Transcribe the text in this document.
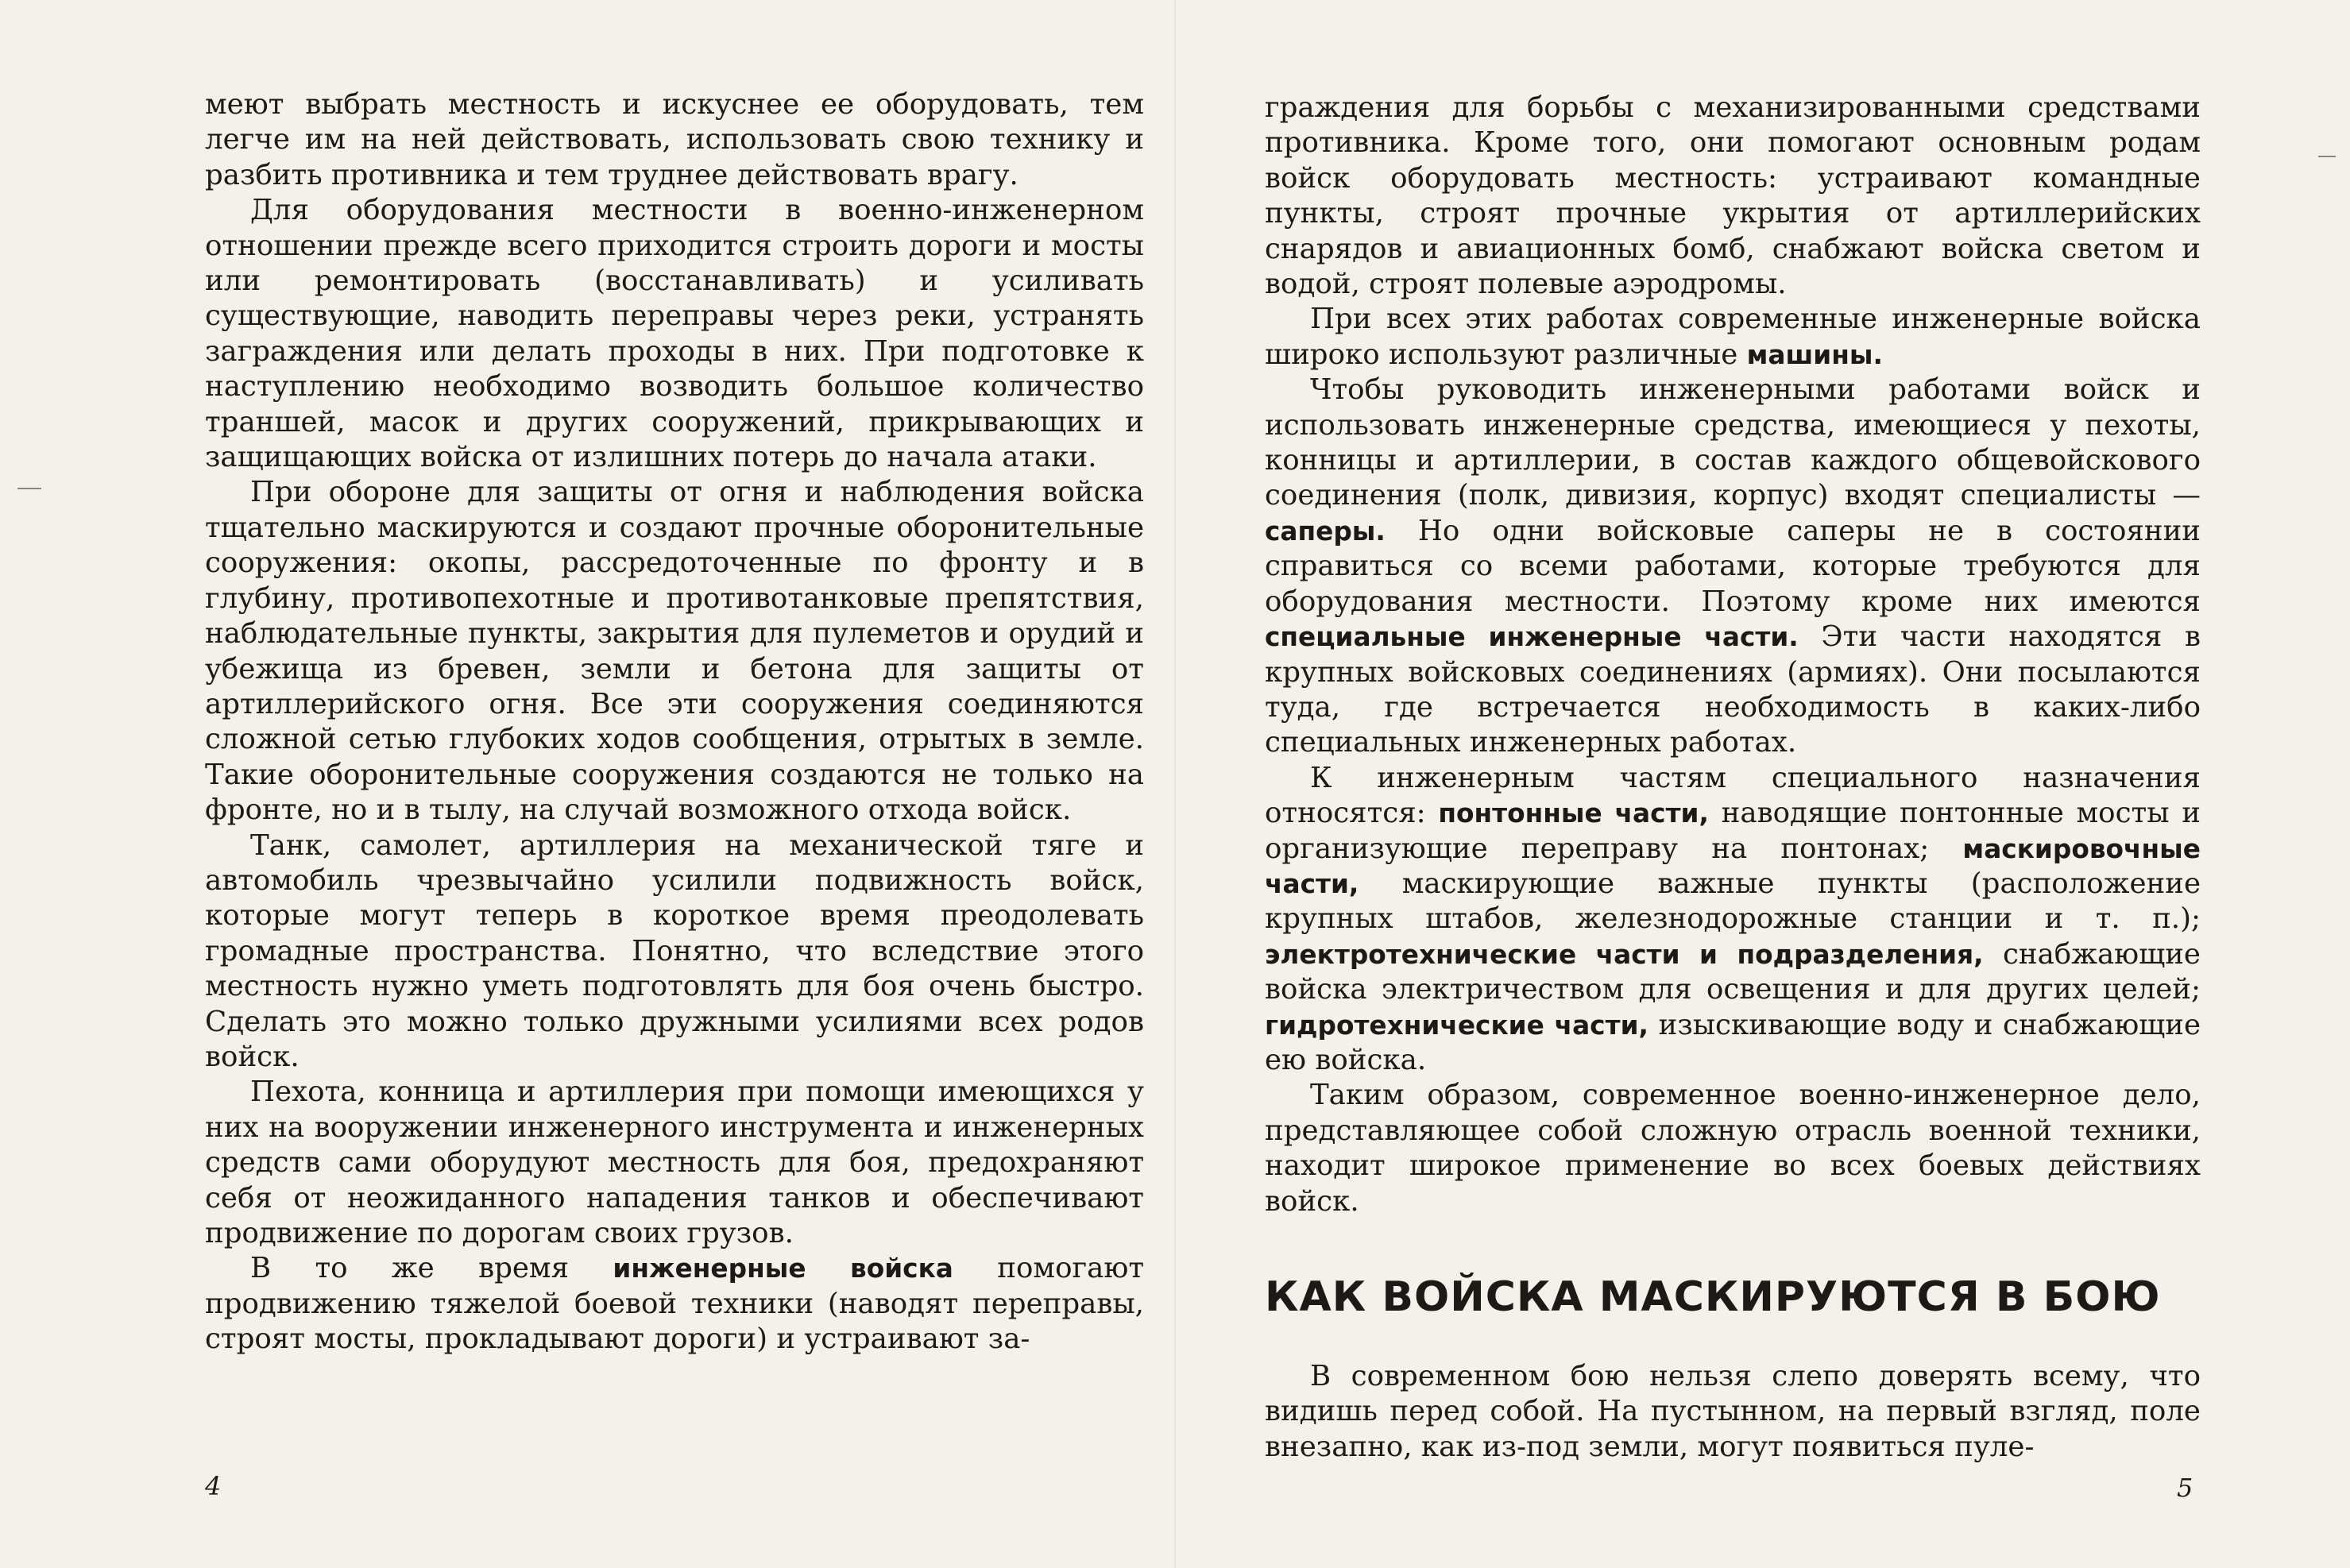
меют выбрать местность и искуснее ее оборудовать, тем легче им на ней действовать, использовать свою технику и разбить противника и тем труднее действовать врагу.

Для оборудования местности в военно-инженерном отношении прежде всего приходится строить дороги и мосты или ремонтировать (восстанавливать) и усиливать существующие, наводить переправы через реки, устранять заграждения или делать проходы в них. При подготовке к наступлению необходимо возводить большое количество траншей, масок и других сооружений, прикрывающих и защищающих войска от излишних потерь до начала атаки.

При обороне для защиты от огня и наблюдения войска тщательно маскируются и создают прочные оборонительные сооружения: окопы, рассредоточенные по фронту и в глубину, противопехотные и противотанковые препятствия, наблюдательные пункты, закрытия для пулеметов и орудий и убежища из бревен, земли и бетона для защиты от артиллерийского огня. Все эти сооружения соединяются сложной сетью глубоких ходов сообщения, отрытых в земле. Такие оборонительные сооружения создаются не только на фронте, но и в тылу, на случай возможного отхода войск.

Танк, самолет, артиллерия на механической тяге и автомобиль чрезвычайно усилили подвижность войск, которые могут теперь в короткое время преодолевать громадные пространства. Понятно, что вследствие этого местность нужно уметь подготовлять для боя очень быстро. Сделать это можно только дружными усилиями всех родов войск.

Пехота, конница и артиллерия при помощи имеющихся у них на вооружении инженерного инструмента и инженерных средств сами оборудуют местность для боя, предохраняют себя от неожиданного нападения танков и обеспечивают продвижение по дорогам своих грузов.

В то же время инженерные войска помогают продвижению тяжелой боевой техники (наводят переправы, строят мосты, прокладывают дороги) и устраивают за-

4

граждения для борьбы с механизированными средствами противника. Кроме того, они помогают основным родам войск оборудовать местность: устраивают командные пункты, строят прочные укрытия от артиллерийских снарядов и авиационных бомб, снабжают войска светом и водой, строят полевые аэродромы.

При всех этих работах современные инженерные войска широко используют различные машины.

Чтобы руководить инженерными работами войск и использовать инженерные средства, имеющиеся у пехоты, конницы и артиллерии, в состав каждого общевойскового соединения (полк, дивизия, корпус) входят специалисты — саперы. Но одни войсковые саперы не в состоянии справиться со всеми работами, которые требуются для оборудования местности. Поэтому кроме них имеются специальные инженерные части. Эти части находятся в крупных войсковых соединениях (армиях). Они посылаются туда, где встречается необходимость в каких-либо специальных инженерных работах.

К инженерным частям специального назначения относятся: понтонные части, наводящие понтонные мосты и организующие переправу на понтонах; маскировочные части, маскирующие важные пункты (расположение крупных штабов, железнодорожные станции и т. п.); электротехнические части и подразделения, снабжающие войска электричеством для освещения и для других целей; гидротехнические части, изыскивающие воду и снабжающие ею войска.

Таким образом, современное военно-инженерное дело, представляющее собой сложную отрасль военной техники, находит широкое применение во всех боевых действиях войск.

КАК ВОЙСКА МАСКИРУЮТСЯ В БОЮ

В современном бою нельзя слепо доверять всему, что видишь перед собой. На пустынном, на первый взгляд, поле внезапно, как из-под земли, могут появиться пуле-

5
